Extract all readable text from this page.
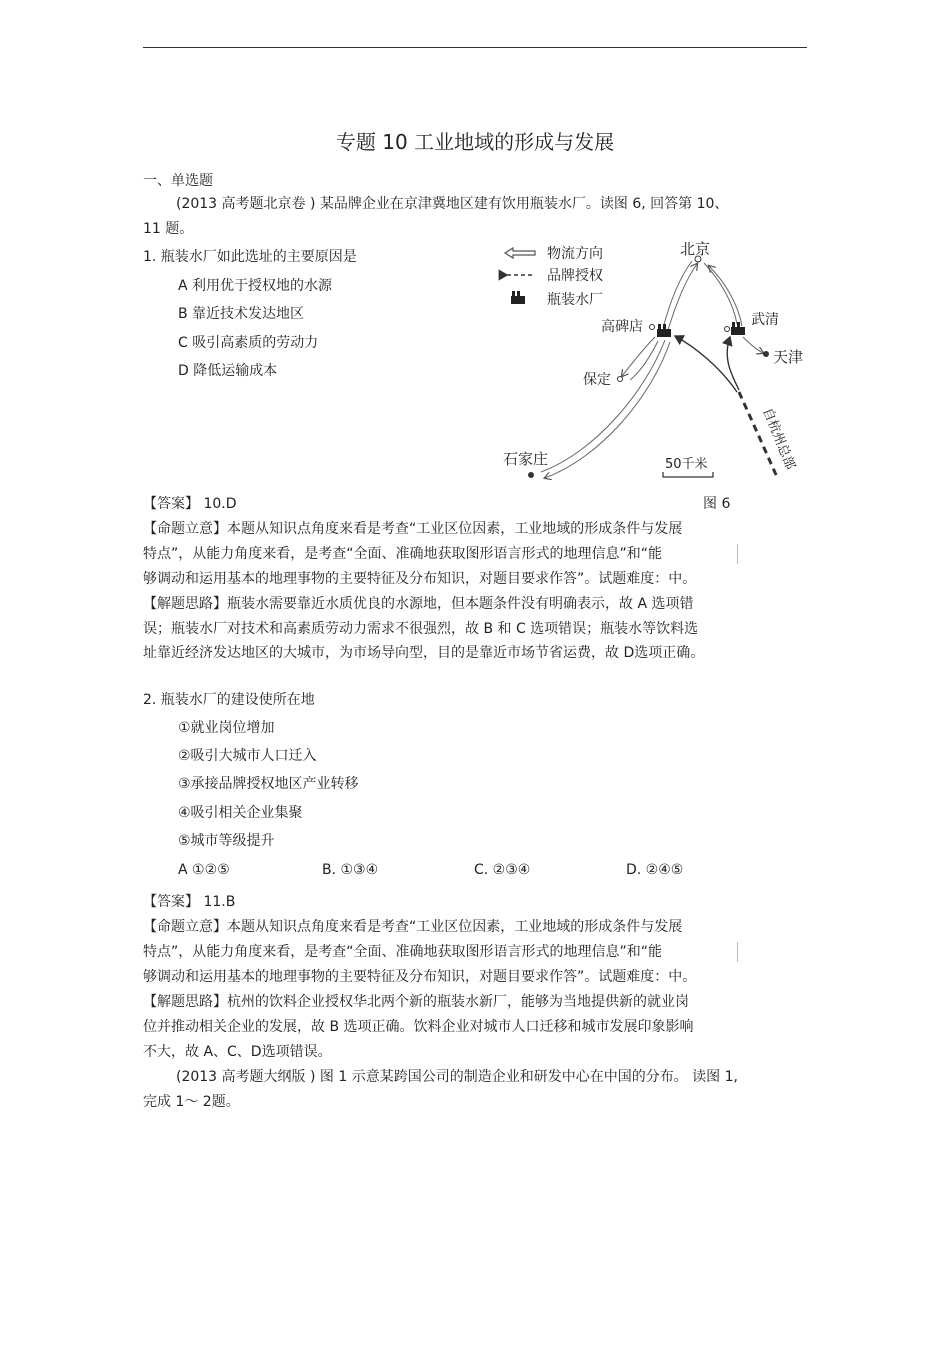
专题 10 工业地域的形成与发展
一、单选题
(2013 高考题北京卷 ) 某品牌企业在京津冀地区建有饮用瓶装水厂。读图 6, 回答第 10、
11 题。
1. 瓶装水厂如此选址的主要原因是
A 利用优于授权地的水源
B 靠近技术发达地区
C 吸引高素质的劳动力
D 降低运输成本
物流方向
品牌授权
瓶装水厂
北京
高碑店	武清
天津
保定
石家庄	自杭州总部
50千米
【答案】 10.D	图 6
【命题立意】本题从知识点角度来看是考查“工业区位因素，工业地域的形成条件与发展
特点”，从能力角度来看，是考查“全面、准确地获取图形语言形式的地理信息”和“能
够调动和运用基本的地理事物的主要特征及分布知识，对题目要求作答”。试题难度：中。
【解题思路】瓶装水需要靠近水质优良的水源地，但本题条件没有明确表示，故 A 选项错
误；瓶装水厂对技术和高素质劳动力需求不很强烈，故 B 和 C 选项错误；瓶装水等饮料选
址靠近经济发达地区的大城市，为市场导向型，目的是靠近市场节省运费，故 D选项正确。
2. 瓶装水厂的建设使所在地
①就业岗位增加
②吸引大城市人口迁入
③承接品牌授权地区产业转移
④吸引相关企业集聚
⑤城市等级提升
A ①②⑤	B. ①③④	C. ②③④	D. ②④⑤
【答案】 11.B
【命题立意】本题从知识点角度来看是考查“工业区位因素，工业地域的形成条件与发展
特点”，从能力角度来看，是考查“全面、准确地获取图形语言形式的地理信息”和“能
够调动和运用基本的地理事物的主要特征及分布知识，对题目要求作答”。试题难度：中。
【解题思路】杭州的饮料企业授权华北两个新的瓶装水新厂，能够为当地提供新的就业岗
位并推动相关企业的发展，故 B 选项正确。饮料企业对城市人口迁移和城市发展印象影响
不大，故 A、C、D选项错误。
(2013 高考题大纲版 ) 图 1 示意某跨国公司的制造企业和研发中心在中国的分布。 读图 1,
完成 1～ 2题。
